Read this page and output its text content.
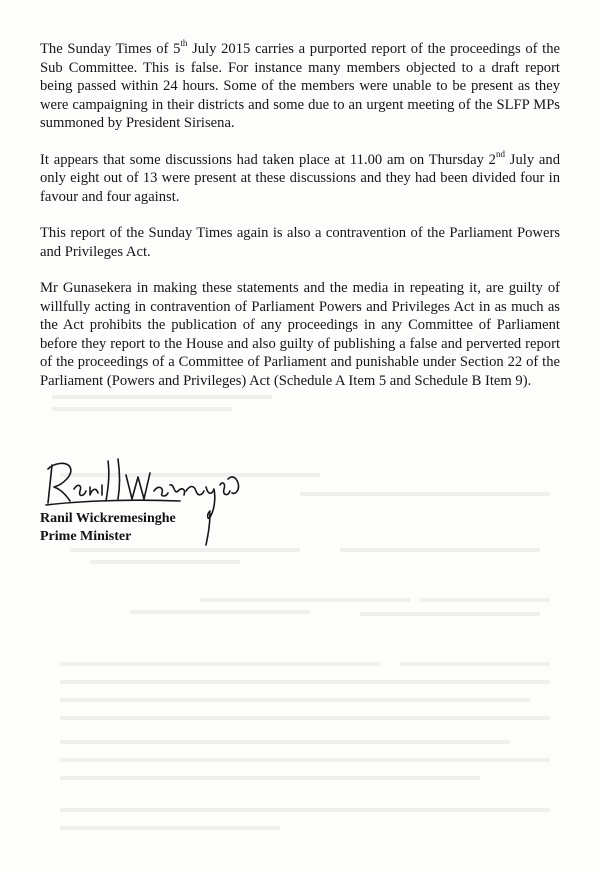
The Sunday Times of 5th July 2015 carries a purported report of the proceedings of the Sub Committee. This is false. For instance many members objected to a draft report being passed within 24 hours. Some of the members were unable to be present as they were campaigning in their districts and some due to an urgent meeting of the SLFP MPs summoned by President Sirisena.

It appears that some discussions had taken place at 11.00 am on Thursday 2nd July and only eight out of 13 were present at these discussions and they had been divided four in favour and four against.

This report of the Sunday Times again is also a contravention of the Parliament Powers and Privileges Act.

Mr Gunasekera in making these statements and the media in repeating it, are guilty of willfully acting in contravention of Parliament Powers and Privileges Act in as much as the Act prohibits the publication of any proceedings in any Committee of Parliament before they report to the House and also guilty of publishing a false and perverted report of the proceedings of a Committee of Parliament and punishable under Section 22 of the Parliament (Powers and Privileges) Act (Schedule A Item 5 and Schedule B Item 9).

Ranil Wickremesinghe
Prime Minister
